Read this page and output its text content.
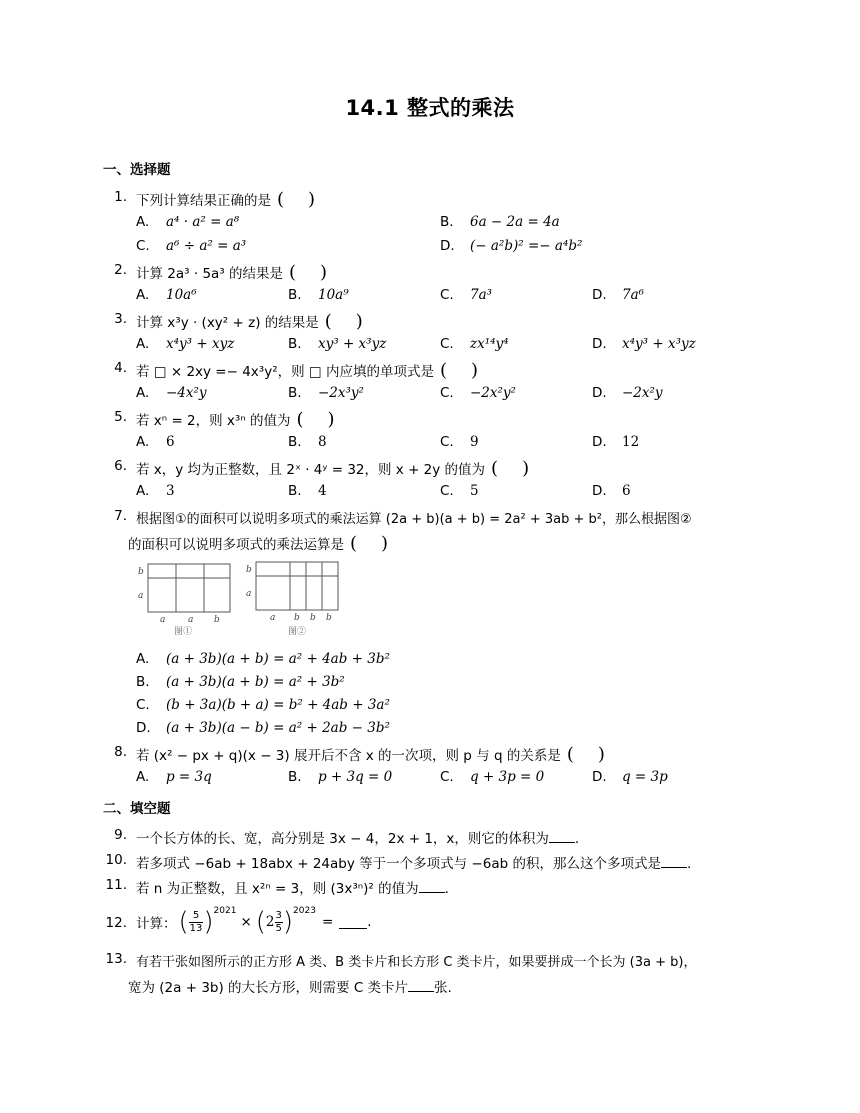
14.1 整式的乘法
一、选择题
1. 下列计算结果正确的是 ( )
A. a⁴ · a² = a⁸	B. 6a − 2a = 4a
C. a⁶ ÷ a² = a³	D. (− a²b)² =− a⁴b²
2. 计算 2a³ · 5a³ 的结果是 ( )
A. 10a⁶	B. 10a⁹	C. 7a³	D. 7a⁶
3. 计算 x³y · (xy² + z) 的结果是 ( )
A. x⁴y³ + xyz	B. xy³ + x³yz	C. zx¹⁴y⁴	D. x⁴y³ + x³yz
4. 若 □ × 2xy =− 4x³y²，则 □ 内应填的单项式是 ( )
A. −4x²y	B. −2x³y²	C. −2x²y²	D. −2x²y
5. 若 xⁿ = 2，则 x³ⁿ 的值为 ( )
A. 6	B. 8	C. 9	D. 12
6. 若 x，y 均为正整数，且 2ˣ · 4ʸ = 32，则 x + 2y 的值为 ( )
A. 3	B. 4	C. 5	D. 6
7. 根据图①的面积可以说明多项式的乘法运算 (2a + b)(a + b) = 2a² + 3ab + b²，那么根据图②
的面积可以说明多项式的乘法运算是 ( )
b
a
a	a b
图①
b
a
a b b b
图②
A. (a + 3b)(a + b) = a² + 4ab + 3b²
B. (a + 3b)(a + b) = a² + 3b²
C. (b + 3a)(b + a) = b² + 4ab + 3a²
D. (a + 3b)(a − b) = a² + 2ab − 3b²
8. 若 (x² − px + q)(x − 3) 展开后不含 x 的一次项，则 p 与 q 的关系是 ( )
A. p = 3q	B. p + 3q = 0	C. q + 3p = 0	D. q = 3p
二、填空题
9. 一个长方体的长、宽，高分别是 3x − 4，2x + 1，x，则它的体积为 .
10. 若多项式 −6ab + 18abx + 24aby 等于一个多项式与 −6ab 的积，那么这个多项式是 .
11. 若 n 为正整数，且 x²ⁿ = 3，则 (3x³ⁿ)² 的值为 .
12. 计算： ( 5
13 ) 2021
× ( 2 3
5 ) 2023
=	.
13. 有若干张如图所示的正方形 A 类、B 类卡片和长方形 C 类卡片，如果要拼成一个长为 (3a + b)，
宽为 (2a + 3b) 的大长方形，则需要 C 类卡片 张.
